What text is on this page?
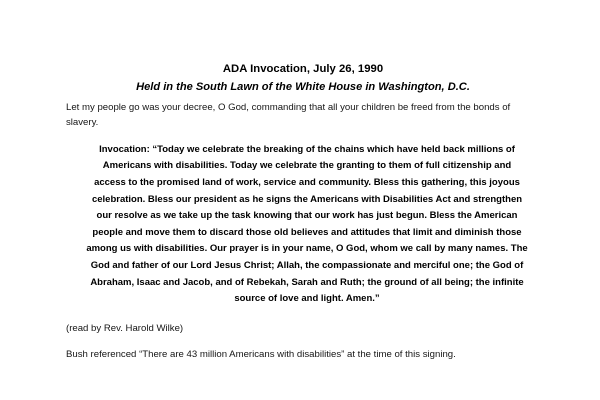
ADA Invocation, July 26, 1990
Held in the South Lawn of the White House in Washington, D.C.

Let my people go was your decree, O God, commanding that all your children be freed from the bonds of slavery.

Invocation: “Today we celebrate the breaking of the chains which have held back millions of Americans with disabilities. Today we celebrate the granting to them of full citizenship and access to the promised land of work, service and community. Bless this gathering, this joyous celebration. Bless our president as he signs the Americans with Disabilities Act and strengthen our resolve as we take up the task knowing that our work has just begun. Bless the American people and move them to discard those old believes and attitudes that limit and diminish those among us with disabilities. Our prayer is in your name, O God, whom we call by many names. The God and father of our Lord Jesus Christ; Allah, the compassionate and merciful one; the God of Abraham, Isaac and Jacob, and of Rebekah, Sarah and Ruth; the ground of all being; the infinite source of love and light. Amen.”

(read by Rev. Harold Wilke)

Bush referenced “There are 43 million Americans with disabilities” at the time of this signing.
